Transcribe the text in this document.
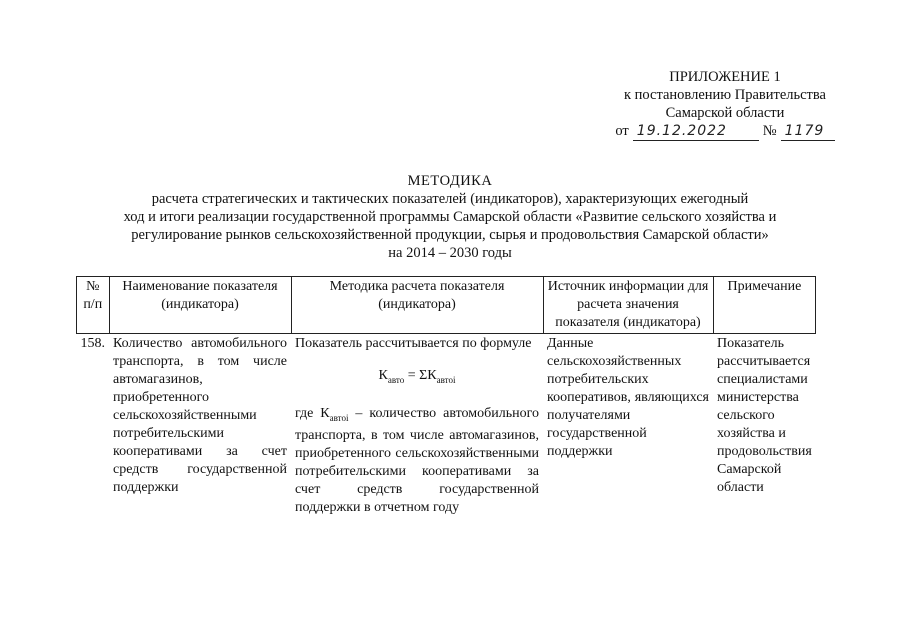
ПРИЛОЖЕНИЕ 1
к постановлению Правительства
Самарской области
от 19.12.2022	№ 1179
МЕТОДИКА
расчета стратегических и тактических показателей (индикаторов), характеризующих ежегодный
ход и итоги реализации государственной программы Самарской области «Развитие сельского хозяйства и
регулирование рынков сельскохозяйственной продукции, сырья и продовольствия Самарской области»
на 2014 – 2030 годы
№ п/п	Наименование показателя (индикатора)	Методика расчета показателя (индикатора)	Источник информации для расчета значения показателя (индикатора)	Примечание
158.	Количество автомобильного транспорта, в том числе автомагазинов, приобретенного сельскохозяйственными потребительскими кооперативами за счет средств государственной поддержки	Показатель рассчитывается по формуле
$К_{авто} = \Sigma К_{автоi}$
где $К_{автоi}$ – количество автомобильного транспорта, в том числе автомагазинов, приобретенного сельскохозяйственными потребительскими кооперативами за счет средств государственной поддержки в отчетном году	Данные сельскохозяйственных потребительских кооперативов, являющихся получателями государственной поддержки	Показатель рассчитывается специалистами министерства сельского хозяйства и продовольствия Самарской области
